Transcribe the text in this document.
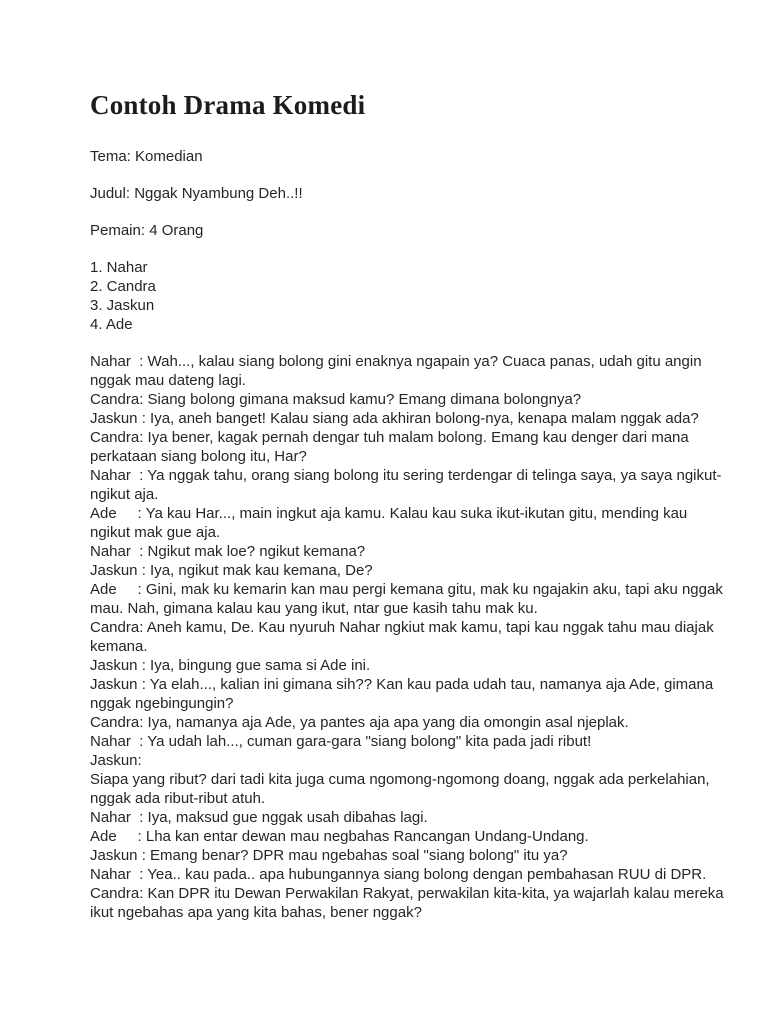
Contoh Drama Komedi

Tema: Komedian

Judul: Nggak Nyambung Deh..!!

Pemain: 4 Orang

1. Nahar

2. Candra

3. Jaskun

4. Ade

Nahar  : Wah..., kalau siang bolong gini enaknya ngapain ya? Cuaca panas, udah gitu angin

nggak mau dateng lagi.

Candra: Siang bolong gimana maksud kamu? Emang dimana bolongnya?

Jaskun : Iya, aneh banget! Kalau siang ada akhiran bolong-nya, kenapa malam nggak ada?

Candra: Iya bener, kagak pernah dengar tuh malam bolong. Emang kau denger dari mana

perkataan siang bolong itu, Har?

Nahar  : Ya nggak tahu, orang siang bolong itu sering terdengar di telinga saya, ya saya ngikut-

ngikut aja.

Ade     : Ya kau Har..., main ingkut aja kamu. Kalau kau suka ikut-ikutan gitu, mending kau

ngikut mak gue aja.

Nahar  : Ngikut mak loe? ngikut kemana?

Jaskun : Iya, ngikut mak kau kemana, De?

Ade     : Gini, mak ku kemarin kan mau pergi kemana gitu, mak ku ngajakin aku, tapi aku nggak

mau. Nah, gimana kalau kau yang ikut, ntar gue kasih tahu mak ku.

Candra: Aneh kamu, De. Kau nyuruh Nahar ngkiut mak kamu, tapi kau nggak tahu mau diajak

kemana.

Jaskun : Iya, bingung gue sama si Ade ini.

Jaskun : Ya elah..., kalian ini gimana sih?? Kan kau pada udah tau, namanya aja Ade, gimana

nggak ngebingungin?

Candra: Iya, namanya aja Ade, ya pantes aja apa yang dia omongin asal njeplak.

Nahar  : Ya udah lah..., cuman gara-gara "siang bolong" kita pada jadi ribut!

Jaskun:

Siapa yang ribut? dari tadi kita juga cuma ngomong-ngomong doang, nggak ada perkelahian,

nggak ada ribut-ribut atuh.

Nahar  : Iya, maksud gue nggak usah dibahas lagi.

Ade     : Lha kan entar dewan mau negbahas Rancangan Undang-Undang.

Jaskun : Emang benar? DPR mau ngebahas soal "siang bolong" itu ya?

Nahar  : Yea.. kau pada.. apa hubungannya siang bolong dengan pembahasan RUU di DPR.

Candra: Kan DPR itu Dewan Perwakilan Rakyat, perwakilan kita-kita, ya wajarlah kalau mereka

ikut ngebahas apa yang kita bahas, bener nggak?
